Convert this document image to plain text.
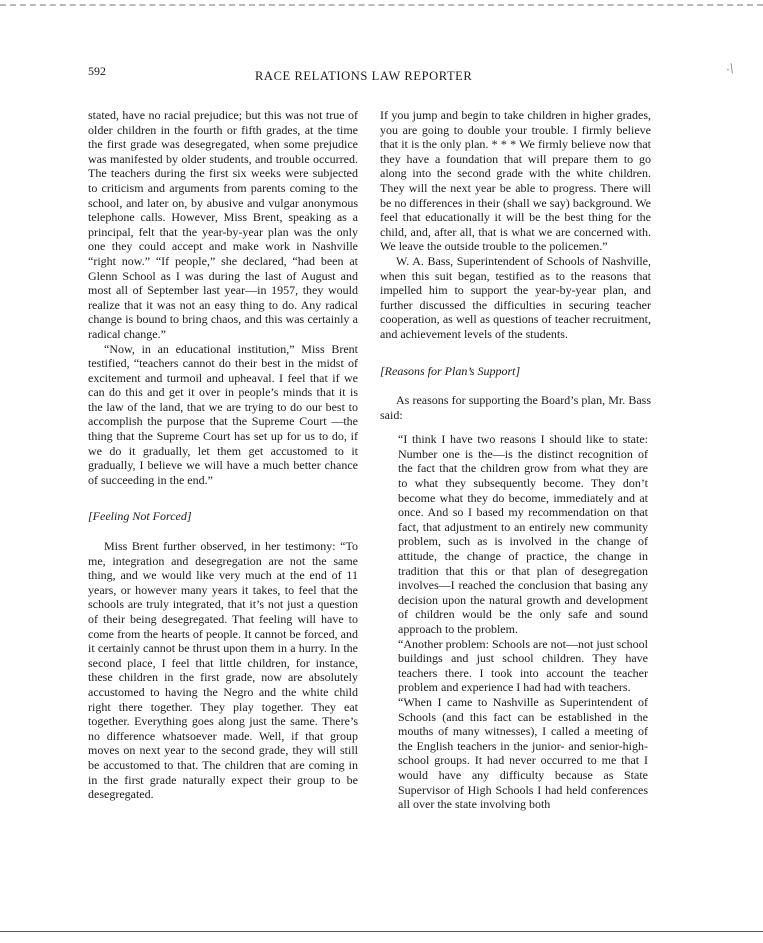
592	RACE RELATIONS LAW REPORTER	·/

stated, have no racial prejudice; but this was not true of older children in the fourth or fifth grades, at the time the first grade was desegregated, when some prejudice was manifested by older students, and trouble occurred. The teachers during the first six weeks were subjected to criticism and arguments from parents coming to the school, and later on, by abusive and vulgar anonymous telephone calls. However, Miss Brent, speaking as a principal, felt that the year-by-year plan was the only one they could accept and make work in Nashville “right now.” “If people,” she declared, “had been at Glenn School as I was during the last of August and most all of September last year—in 1957, they would realize that it was not an easy thing to do. Any radical change is bound to bring chaos, and this was certainly a radical change.”

“Now, in an educational institution,” Miss Brent testified, “teachers cannot do their best in the midst of excitement and turmoil and upheaval. I feel that if we can do this and get it over in people’s minds that it is the law of the land, that we are trying to do our best to accomplish the purpose that the Supreme Court —the thing that the Supreme Court has set up for us to do, if we do it gradually, let them get accustomed to it gradually, I believe we will have a much better chance of succeeding in the end.”

[Feeling Not Forced]

Miss Brent further observed, in her testimony: “To me, integration and desegregation are not the same thing, and we would like very much at the end of 11 years, or however many years it takes, to feel that the schools are truly integrated, that it’s not just a question of their being desegregated. That feeling will have to come from the hearts of people. It cannot be forced, and it certainly cannot be thrust upon them in a hurry. In the second place, I feel that little children, for instance, these children in the first grade, now are absolutely accustomed to having the Negro and the white child right there together. They play together. They eat together. Everything goes along just the same. There’s no difference whatsoever made. Well, if that group moves on next year to the second grade, they will still be accustomed to that. The children that are coming in in the first grade naturally expect their group to be desegregated.

If you jump and begin to take children in higher grades, you are going to double your trouble. I firmly believe that it is the only plan. * * * We firmly believe now that they have a foundation that will prepare them to go along into the second grade with the white children. They will the next year be able to progress. There will be no differences in their (shall we say) background. We feel that educationally it will be the best thing for the child, and, after all, that is what we are concerned with. We leave the outside trouble to the policemen.”

W. A. Bass, Superintendent of Schools of Nashville, when this suit began, testified as to the reasons that impelled him to support the year-by-year plan, and further discussed the difficulties in securing teacher cooperation, as well as questions of teacher recruitment, and achievement levels of the students.

[Reasons for Plan’s Support]

As reasons for supporting the Board’s plan, Mr. Bass said:

“I think I have two reasons I should like to state: Number one is the—is the distinct recognition of the fact that the children grow from what they are to what they subsequently become. They don’t become what they do become, immediately and at once. And so I based my recommendation on that fact, that adjustment to an entirely new community problem, such as is involved in the change of attitude, the change of practice, the change in tradition that this or that plan of desegregation involves—I reached the conclusion that basing any decision upon the natural growth and development of children would be the only safe and sound approach to the problem.

“Another problem: Schools are not—not just school buildings and just school children. They have teachers there. I took into account the teacher problem and experience I had had with teachers.

“When I came to Nashville as Superintendent of Schools (and this fact can be established in the mouths of many witnesses), I called a meeting of the English teachers in the junior- and senior-high-school groups. It had never occurred to me that I would have any difficulty because as State Supervisor of High Schools I had held conferences all over the state involving both
